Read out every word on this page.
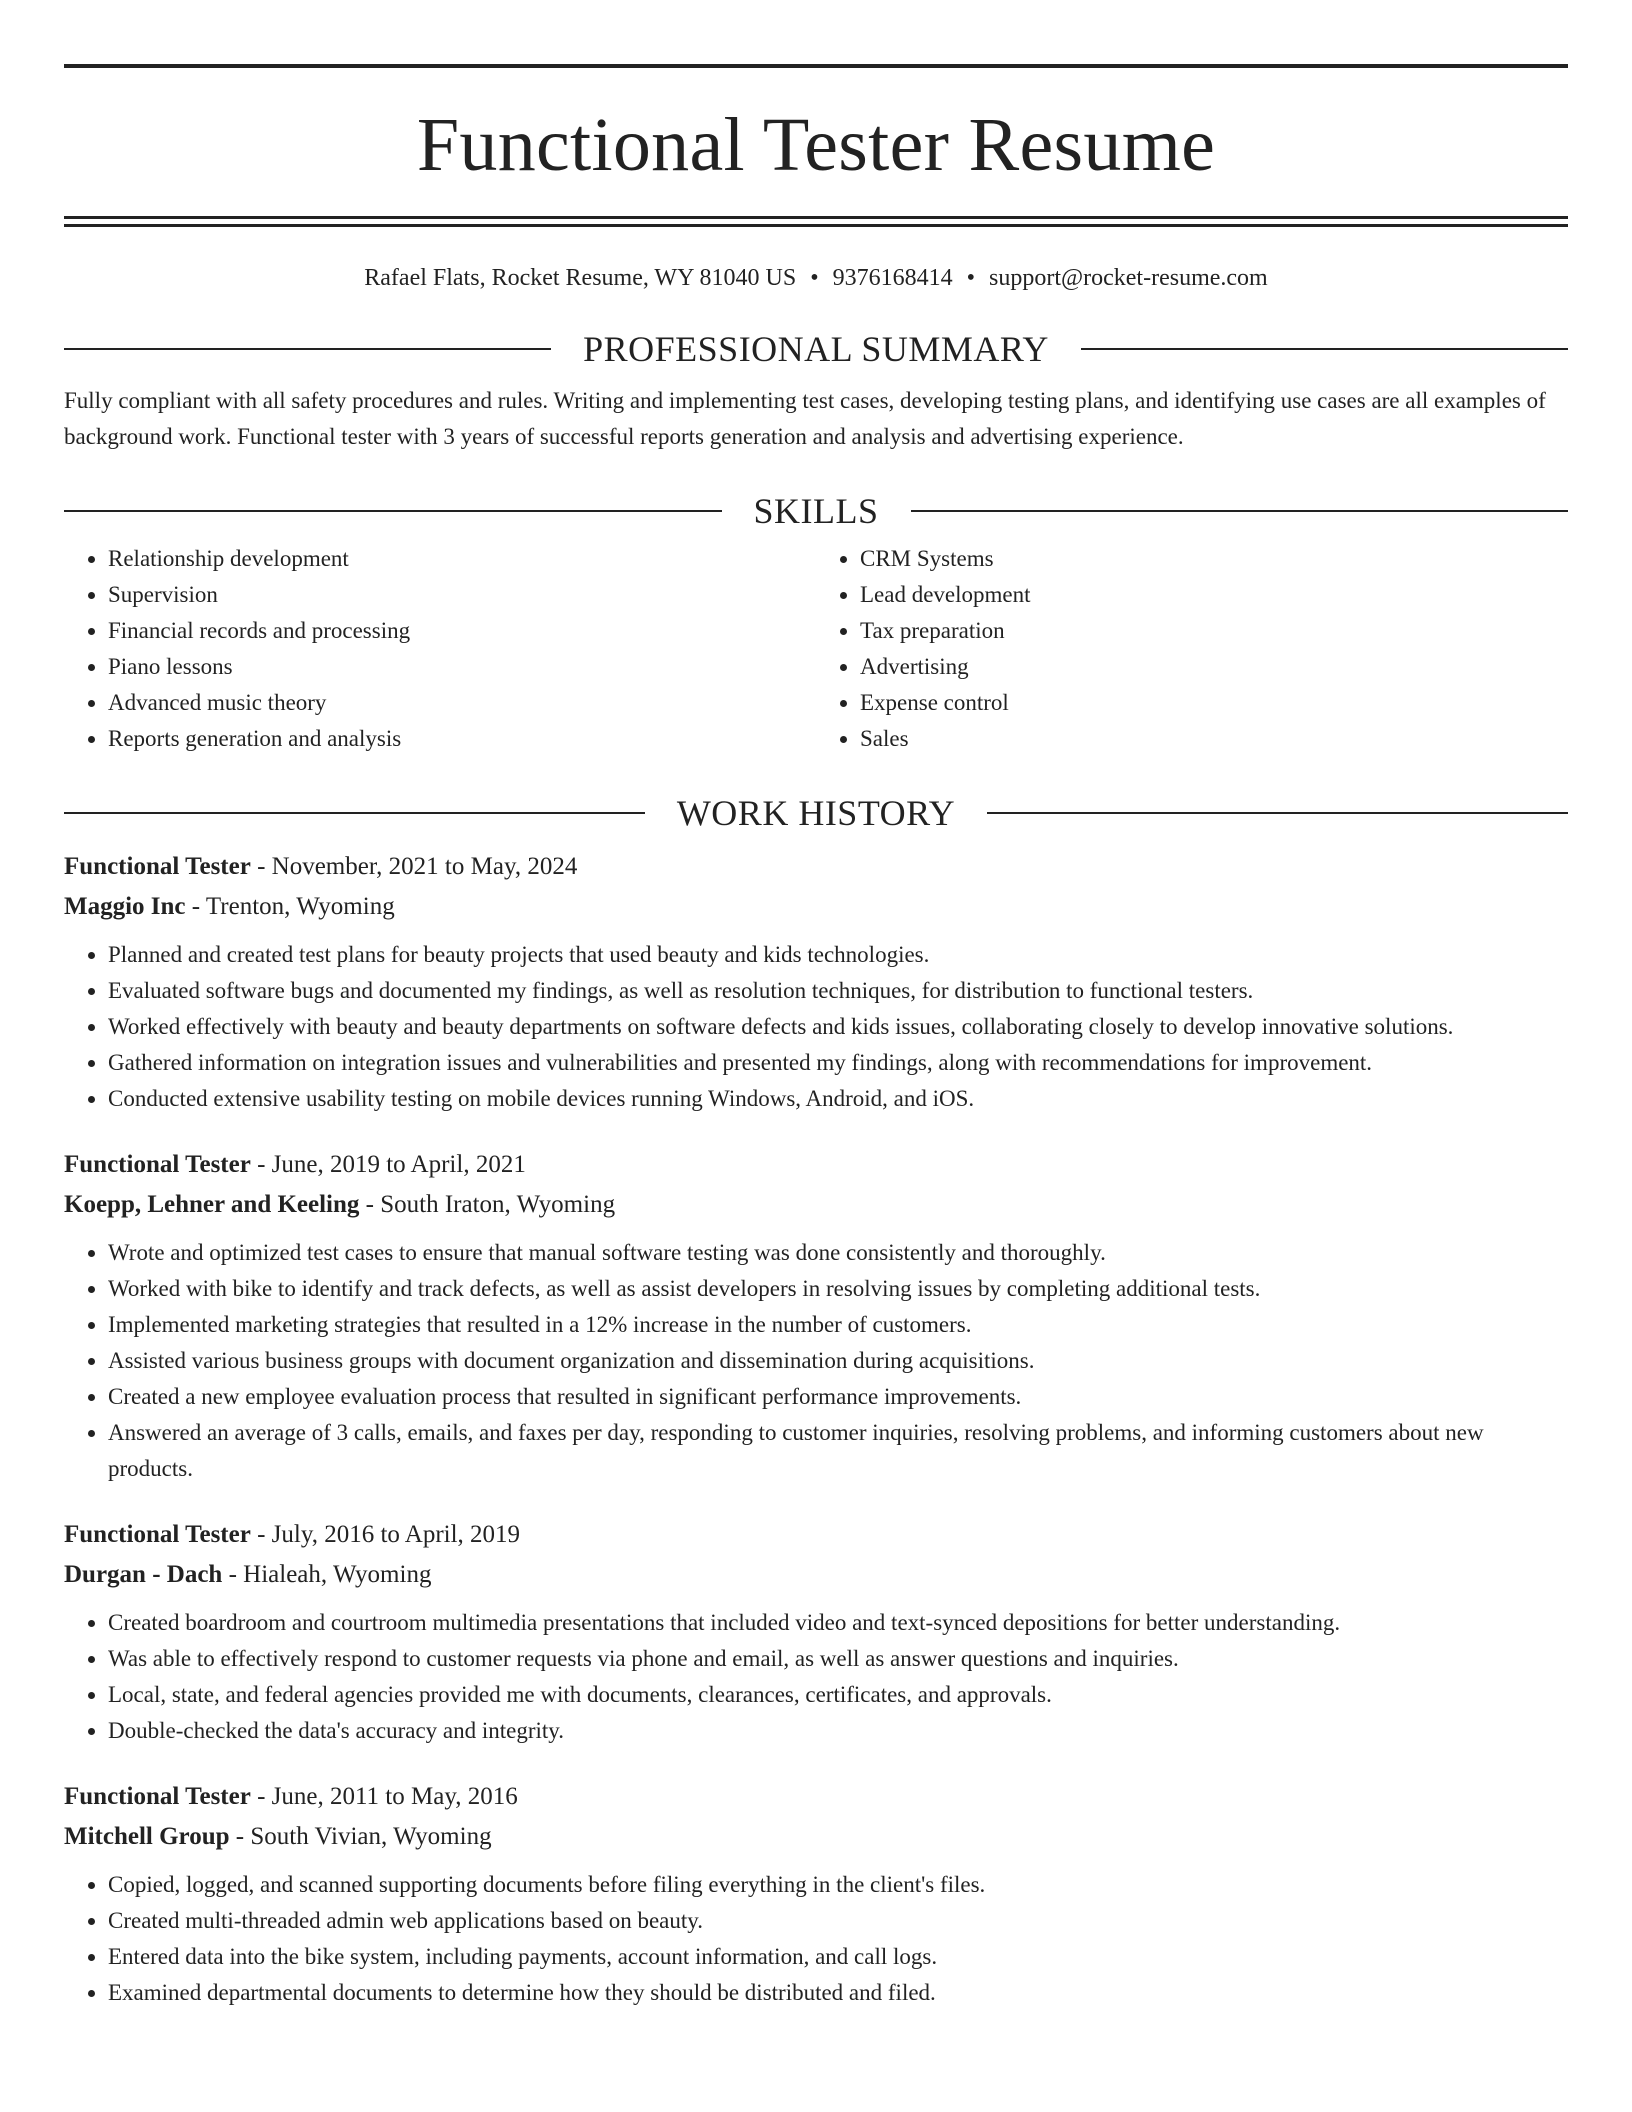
Functional Tester Resume
Rafael Flats, Rocket Resume, WY 81040 US • 9376168414 • support@rocket-resume.com
PROFESSIONAL SUMMARY
Fully compliant with all safety procedures and rules. Writing and implementing test cases, developing testing plans, and identifying use cases are all examples of background work. Functional tester with 3 years of successful reports generation and analysis and advertising experience.
SKILLS
• Relationship development
• Supervision
• Financial records and processing
• Piano lessons
• Advanced music theory
• Reports generation and analysis
• CRM Systems
• Lead development
• Tax preparation
• Advertising
• Expense control
• Sales
WORK HISTORY
Functional Tester - November, 2021 to May, 2024
Maggio Inc - Trenton, Wyoming
• Planned and created test plans for beauty projects that used beauty and kids technologies.
• Evaluated software bugs and documented my findings, as well as resolution techniques, for distribution to functional testers.
• Worked effectively with beauty and beauty departments on software defects and kids issues, collaborating closely to develop innovative solutions.
• Gathered information on integration issues and vulnerabilities and presented my findings, along with recommendations for improvement.
• Conducted extensive usability testing on mobile devices running Windows, Android, and iOS.
Functional Tester - June, 2019 to April, 2021
Koepp, Lehner and Keeling - South Iraton, Wyoming
• Wrote and optimized test cases to ensure that manual software testing was done consistently and thoroughly.
• Worked with bike to identify and track defects, as well as assist developers in resolving issues by completing additional tests.
• Implemented marketing strategies that resulted in a 12% increase in the number of customers.
• Assisted various business groups with document organization and dissemination during acquisitions.
• Created a new employee evaluation process that resulted in significant performance improvements.
• Answered an average of 3 calls, emails, and faxes per day, responding to customer inquiries, resolving problems, and informing customers about new products.
Functional Tester - July, 2016 to April, 2019
Durgan - Dach - Hialeah, Wyoming
• Created boardroom and courtroom multimedia presentations that included video and text-synced depositions for better understanding.
• Was able to effectively respond to customer requests via phone and email, as well as answer questions and inquiries.
• Local, state, and federal agencies provided me with documents, clearances, certificates, and approvals.
• Double-checked the data's accuracy and integrity.
Functional Tester - June, 2011 to May, 2016
Mitchell Group - South Vivian, Wyoming
• Copied, logged, and scanned supporting documents before filing everything in the client's files.
• Created multi-threaded admin web applications based on beauty.
• Entered data into the bike system, including payments, account information, and call logs.
• Examined departmental documents to determine how they should be distributed and filed.
